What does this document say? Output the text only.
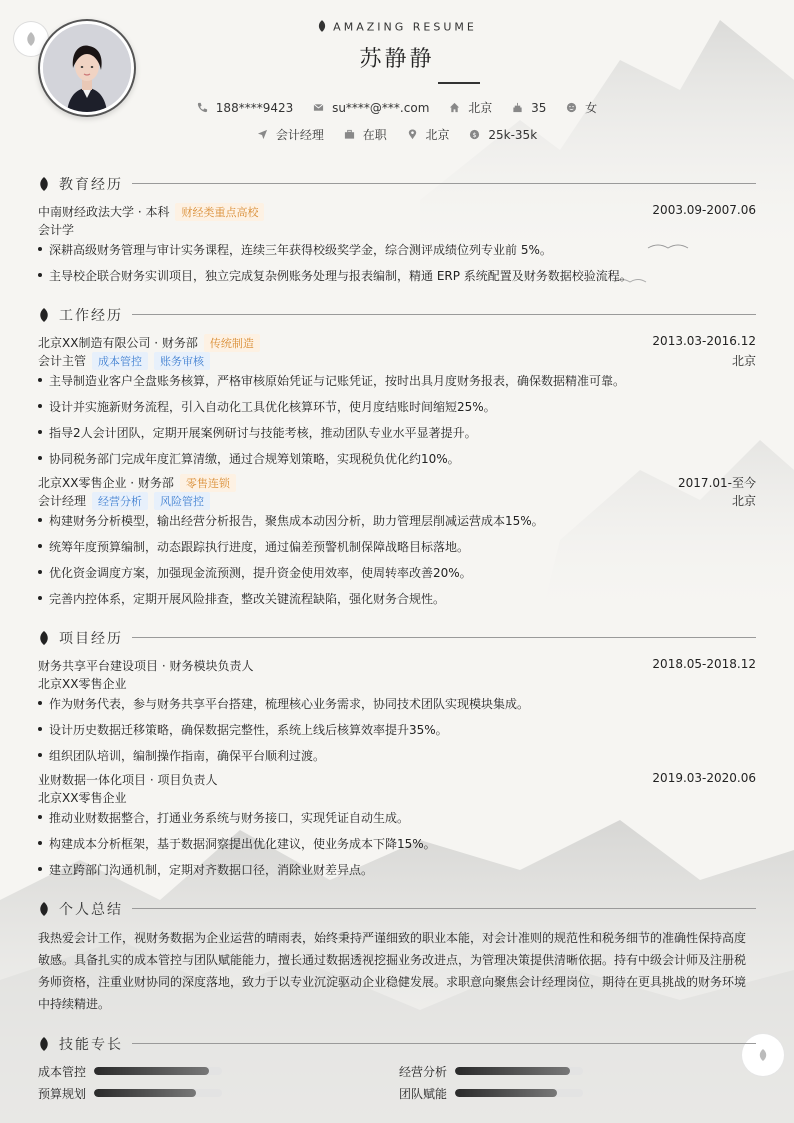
AMAZING RESUME
苏静静
188****9423
	su****@***.com
	北京
	35
	女
会计经理
	在职
	北京
	$ 25k-35k
教育经历
中南财经政法大学 · 本科 财经类重点高校	2003.09-2007.06
会计学
深耕高级财务管理与审计实务课程，连续三年获得校级奖学金，综合测评成绩位列专业前 5%。
主导校企联合财务实训项目，独立完成复杂例账务处理与报表编制，精通 ERP 系统配置及财务数据校验流程。
工作经历
北京XX制造有限公司 · 财务部 传统制造	2013.03-2016.12
会计主管 成本管控 账务审核	北京
主导制造业客户全盘账务核算，严格审核原始凭证与记账凭证，按时出具月度财务报表，确保数据精准可靠。
设计并实施新财务流程，引入自动化工具优化核算环节，使月度结账时间缩短25%。
指导2人会计团队，定期开展案例研讨与技能考核，推动团队专业水平显著提升。
协同税务部门完成年度汇算清缴，通过合规筹划策略，实现税负优化约10%。
北京XX零售企业 · 财务部 零售连锁	2017.01-至今
会计经理 经营分析 风险管控	北京
构建财务分析模型，输出经营分析报告，聚焦成本动因分析，助力管理层削减运营成本15%。
统筹年度预算编制，动态跟踪执行进度，通过偏差预警机制保障战略目标落地。
优化资金调度方案，加强现金流预测，提升资金使用效率，使周转率改善20%。
完善内控体系，定期开展风险排查，整改关键流程缺陷，强化财务合规性。
项目经历
财务共享平台建设项目 · 财务模块负责人	2018.05-2018.12
北京XX零售企业
作为财务代表，参与财务共享平台搭建，梳理核心业务需求，协同技术团队实现模块集成。
设计历史数据迁移策略，确保数据完整性，系统上线后核算效率提升35%。
组织团队培训，编制操作指南，确保平台顺利过渡。
业财数据一体化项目 · 项目负责人	2019.03-2020.06
北京XX零售企业
推动业财数据整合，打通业务系统与财务接口，实现凭证自动生成。
构建成本分析框架，基于数据洞察提出优化建议，使业务成本下降15%。
建立跨部门沟通机制，定期对齐数据口径，消除业财差异点。
个人总结
我热爱会计工作，视财务数据为企业运营的晴雨表，始终秉持严谨细致的职业本能，对会计准则的规范性和税务细节的准确性保持高度敏感。具备扎实的成本管控与团队赋能能力，擅长通过数据透视挖掘业务改进点，为管理决策提供清晰依据。持有中级会计师及注册税务师资格，注重业财协同的深度落地，致力于以专业沉淀驱动企业稳健发展。求职意向聚焦会计经理岗位，期待在更具挑战的财务环境中持续精进。
技能专长
成本管控	经营分析
预算规划	团队赋能
